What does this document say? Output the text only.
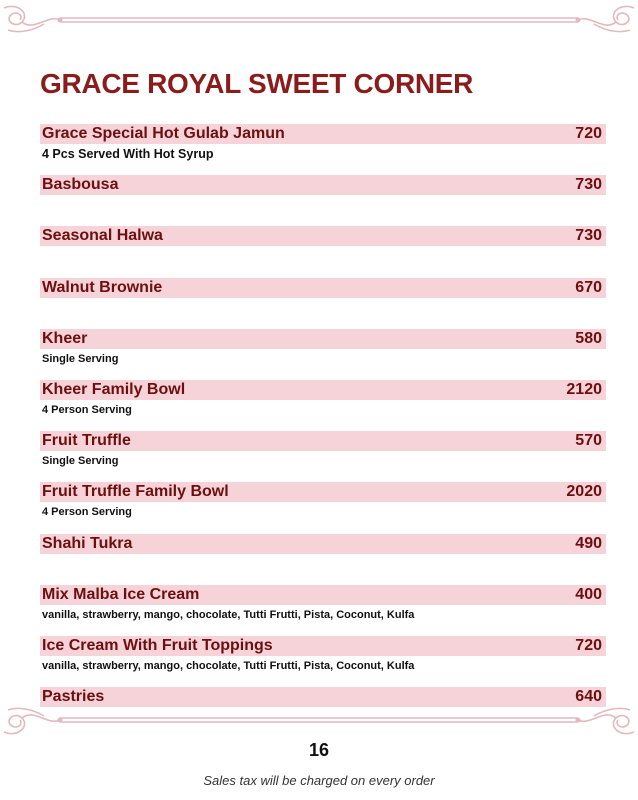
GRACE ROYAL SWEET CORNER
Grace Special Hot Gulab Jamun	720
4 Pcs Served With Hot Syrup
Basbousa	730
Seasonal Halwa	730
Walnut Brownie	670
Kheer	580
Single Serving
Kheer Family Bowl	2120
4 Person Serving
Fruit Truffle	570
Single Serving
Fruit Truffle Family Bowl	2020
4 Person Serving
Shahi Tukra	490
Mix Malba Ice Cream	400
vanilla, strawberry, mango, chocolate, Tutti Frutti, Pista, Coconut, Kulfa
Ice Cream With Fruit Toppings	720
vanilla, strawberry, mango, chocolate, Tutti Frutti, Pista, Coconut, Kulfa
Pastries	640
16
Sales tax will be charged on every order
